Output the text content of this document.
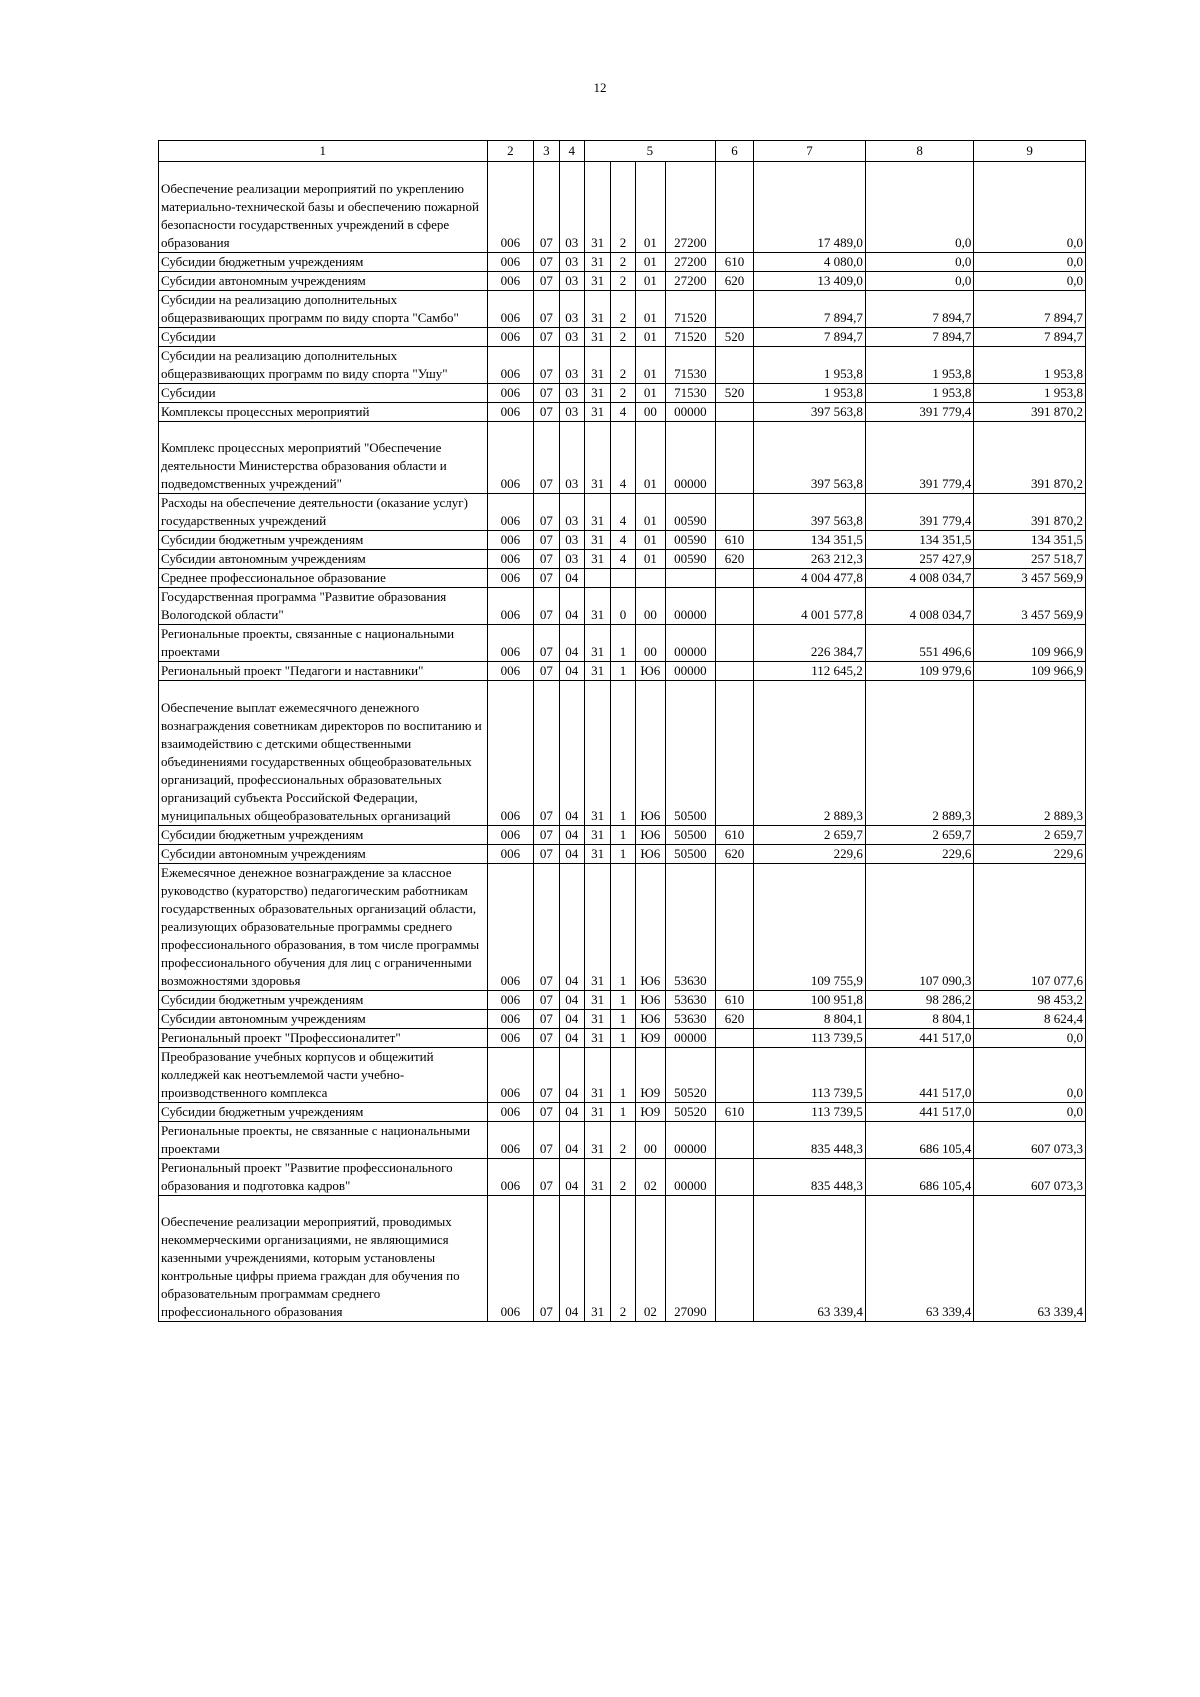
12
1	2	3	4	5				6	7	8	9

Обеспечение реализации мероприятий по укреплению материально-технической базы и обеспечению пожарной безопасности государственных учреждений в сфере образования	006	07	03	31	2	01	27200		17 489,0	0,0	0,0
Субсидии бюджетным учреждениям	006	07	03	31	2	01	27200	610	4 080,0	0,0	0,0
Субсидии автономным учреждениям	006	07	03	31	2	01	27200	620	13 409,0	0,0	0,0
Субсидии на реализацию дополнительных общеразвивающих программ по виду спорта "Самбо"	006	07	03	31	2	01	71520		7 894,7	7 894,7	7 894,7
Субсидии	006	07	03	31	2	01	71520	520	7 894,7	7 894,7	7 894,7
Субсидии на реализацию дополнительных общеразвивающих программ по виду спорта "Ушу"	006	07	03	31	2	01	71530		1 953,8	1 953,8	1 953,8
Субсидии	006	07	03	31	2	01	71530	520	1 953,8	1 953,8	1 953,8
Комплексы процессных мероприятий	006	07	03	31	4	00	00000		397 563,8	391 779,4	391 870,2

Комплекс процессных мероприятий "Обеспечение деятельности Министерства образования области и подведомственных учреждений"	006	07	03	31	4	01	00000		397 563,8	391 779,4	391 870,2
Расходы на обеспечение деятельности (оказание услуг) государственных учреждений	006	07	03	31	4	01	00590		397 563,8	391 779,4	391 870,2
Субсидии бюджетным учреждениям	006	07	03	31	4	01	00590	610	134 351,5	134 351,5	134 351,5
Субсидии автономным учреждениям	006	07	03	31	4	01	00590	620	263 212,3	257 427,9	257 518,7
Среднее профессиональное образование	006	07	04						4 004 477,8	4 008 034,7	3 457 569,9
Государственная программа "Развитие образования Вологодской области"	006	07	04	31	0	00	00000		4 001 577,8	4 008 034,7	3 457 569,9
Региональные проекты, связанные с национальными проектами	006	07	04	31	1	00	00000		226 384,7	551 496,6	109 966,9
Региональный проект "Педагоги и наставники"	006	07	04	31	1	Ю6	00000		112 645,2	109 979,6	109 966,9

Обеспечение выплат ежемесячного денежного вознаграждения советникам директоров по воспитанию и взаимодействию с детскими общественными объединениями государственных общеобразовательных организаций, профессиональных образовательных организаций субъекта Российской Федерации, муниципальных общеобразовательных организаций	006	07	04	31	1	Ю6	50500		2 889,3	2 889,3	2 889,3
Субсидии бюджетным учреждениям	006	07	04	31	1	Ю6	50500	610	2 659,7	2 659,7	2 659,7
Субсидии автономным учреждениям	006	07	04	31	1	Ю6	50500	620	229,6	229,6	229,6
Ежемесячное денежное вознаграждение за классное руководство (кураторство) педагогическим работникам государственных образовательных организаций области, реализующих образовательные программы среднего профессионального образования, в том числе программы профессионального обучения для лиц с ограниченными возможностями здоровья	006	07	04	31	1	Ю6	53630		109 755,9	107 090,3	107 077,6
Субсидии бюджетным учреждениям	006	07	04	31	1	Ю6	53630	610	100 951,8	98 286,2	98 453,2
Субсидии автономным учреждениям	006	07	04	31	1	Ю6	53630	620	8 804,1	8 804,1	8 624,4
Региональный проект "Профессионалитет"	006	07	04	31	1	Ю9	00000		113 739,5	441 517,0	0,0
Преобразование учебных корпусов и общежитий колледжей как неотъемлемой части учебно-производственного комплекса	006	07	04	31	1	Ю9	50520		113 739,5	441 517,0	0,0
Субсидии бюджетным учреждениям	006	07	04	31	1	Ю9	50520	610	113 739,5	441 517,0	0,0
Региональные проекты, не связанные с национальными проектами	006	07	04	31	2	00	00000		835 448,3	686 105,4	607 073,3
Региональный проект "Развитие профессионального образования и подготовка кадров"	006	07	04	31	2	02	00000		835 448,3	686 105,4	607 073,3

Обеспечение реализации мероприятий, проводимых некоммерческими организациями, не являющимися казенными учреждениями, которым установлены контрольные цифры приема граждан для обучения по образовательным программам среднего профессионального образования	006	07	04	31	2	02	27090		63 339,4	63 339,4	63 339,4
